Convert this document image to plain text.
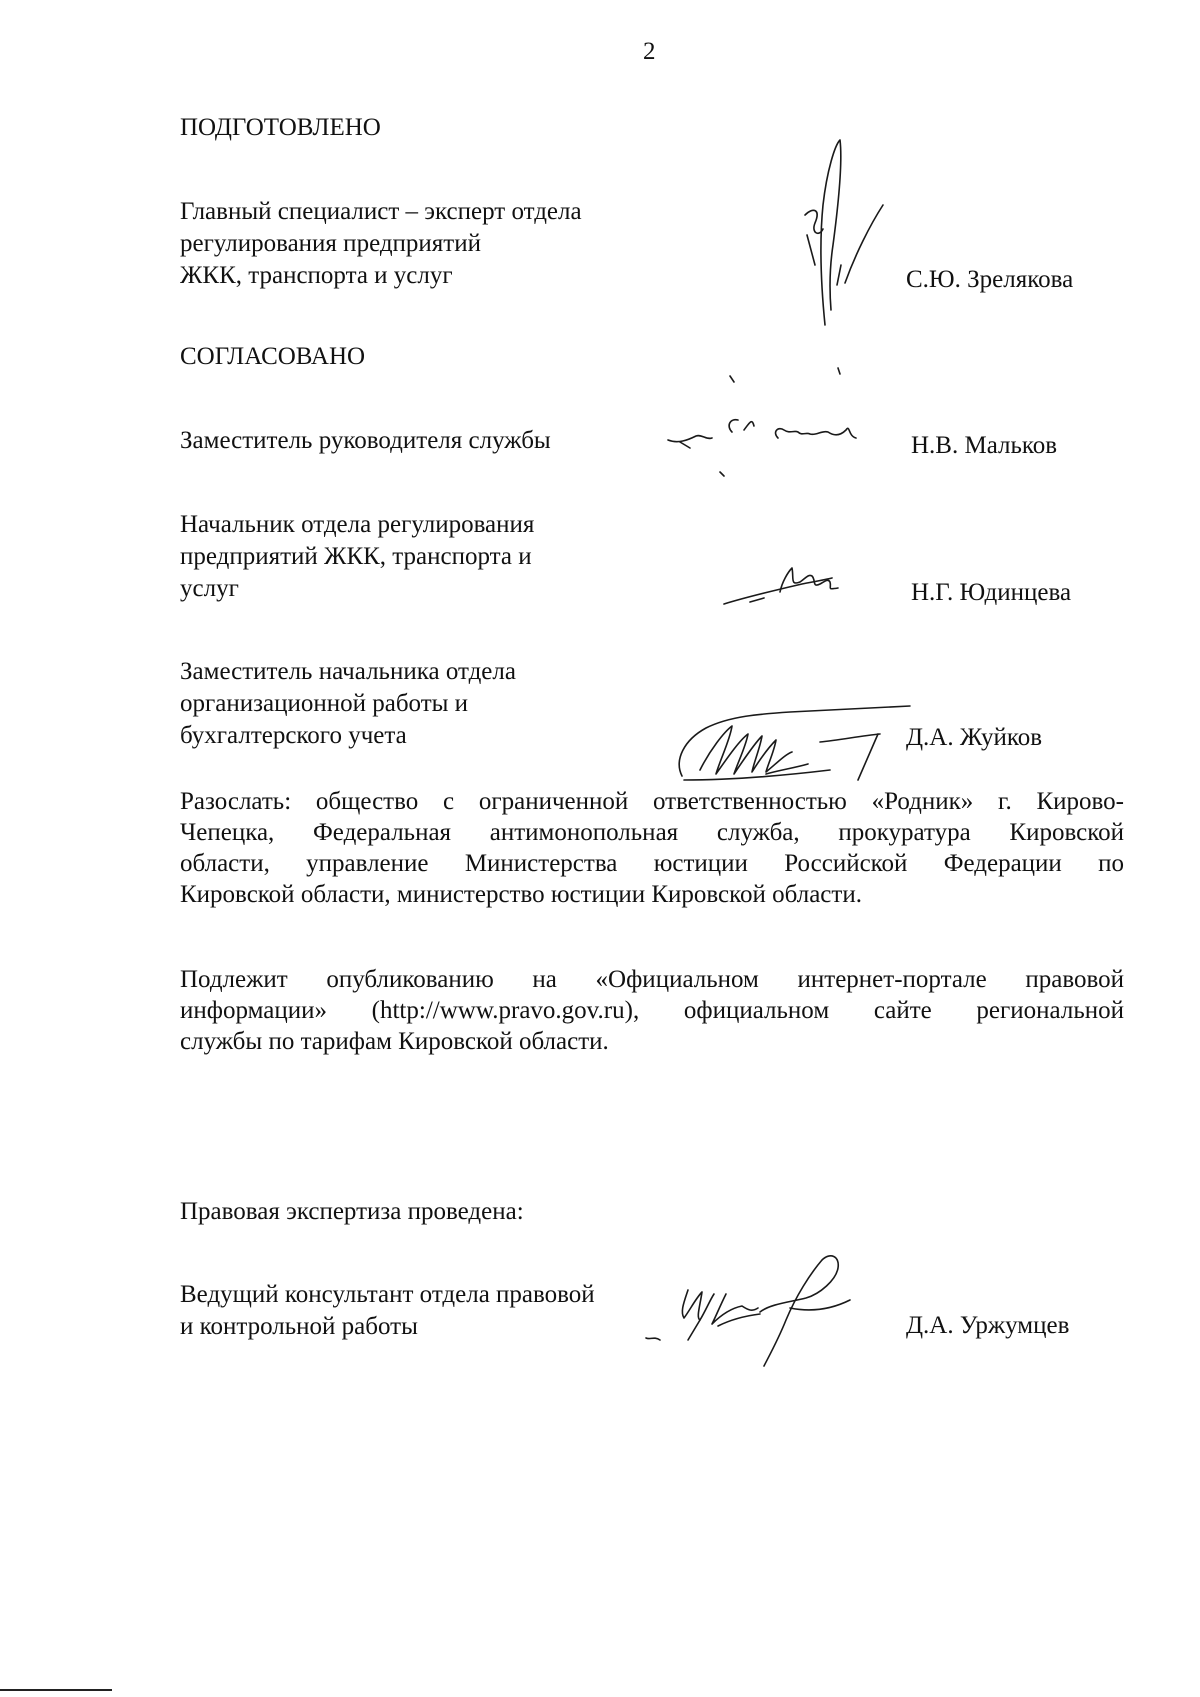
2
ПОДГОТОВЛЕНО
Главный специалист – эксперт отдела
регулирования предприятий
ЖКК, транспорта и услуг	С.Ю. Зрелякова
СОГЛАСОВАНО
Заместитель руководителя службы	Н.В. Мальков
Начальник отдела регулирования
предприятий ЖКК, транспорта и
услуг	Н.Г. Юдинцева
Заместитель начальника отдела
организационной работы и
бухгалтерского учета	Д.А. Жуйков
Разослать: общество с ограниченной ответственностью «Родник» г. Кирово-
Чепецка, Федеральная антимонопольная служба, прокуратура Кировской
области, управление Министерства юстиции Российской Федерации по
Кировской области, министерство юстиции Кировской области.
Подлежит опубликованию на «Официальном интернет-портале правовой
информации» (http://www.pravo.gov.ru), официальном сайте региональной
службы по тарифам Кировской области.
Правовая экспертиза проведена:
Ведущий консультант отдела правовой
и контрольной работы	Д.А. Уржумцев
